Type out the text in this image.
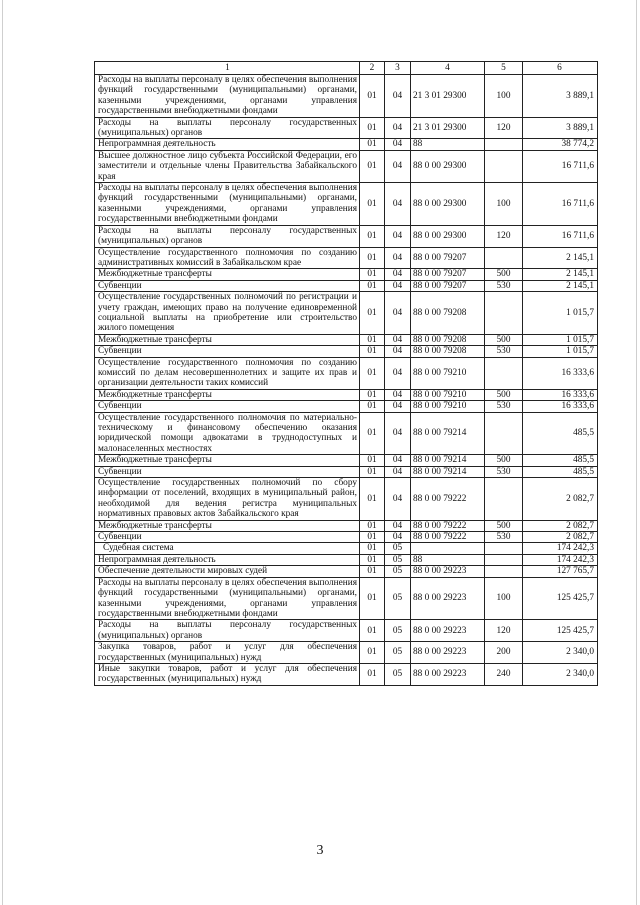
1	2	3	4	5	6
Расходы на выплаты персоналу в целях обеспечения выполнения функций государственными (муниципальными) органами, казенными учреждениями, органами управления государственными внебюджетными фондами	01	04	21 3 01 29300	100	3 889,1
Расходы на выплаты персоналу государственных (муниципальных) органов	01	04	21 3 01 29300	120	3 889,1
Непрограммная деятельность	01	04	88		38 774,2
Высшее должностное лицо субъекта Российской Федерации, его заместители и отдельные члены Правительства Забайкальского края	01	04	88 0 00 29300		16 711,6
Расходы на выплаты персоналу в целях обеспечения выполнения функций государственными (муниципальными) органами, казенными учреждениями, органами управления государственными внебюджетными фондами	01	04	88 0 00 29300	100	16 711,6
Расходы на выплаты персоналу государственных (муниципальных) органов	01	04	88 0 00 29300	120	16 711,6
Осуществление государственного полномочия по созданию административных комиссий в Забайкальском крае	01	04	88 0 00 79207		2 145,1
Межбюджетные трансферты	01	04	88 0 00 79207	500	2 145,1
Субвенции	01	04	88 0 00 79207	530	2 145,1
Осуществление государственных полномочий по регистрации и учету граждан, имеющих право на получение единовременной социальной выплаты на приобретение или строительство жилого помещения	01	04	88 0 00 79208		1 015,7
Межбюджетные трансферты	01	04	88 0 00 79208	500	1 015,7
Субвенции	01	04	88 0 00 79208	530	1 015,7
Осуществление государственного полномочия по созданию комиссий по делам несовершеннолетних и защите их прав и организации деятельности таких комиссий	01	04	88 0 00 79210		16 333,6
Межбюджетные трансферты	01	04	88 0 00 79210	500	16 333,6
Субвенции	01	04	88 0 00 79210	530	16 333,6
Осуществление государственного полномочия по материально-техническому и финансовому обеспечению оказания юридической помощи адвокатами в труднодоступных и малонаселенных местностях	01	04	88 0 00 79214		485,5
Межбюджетные трансферты	01	04	88 0 00 79214	500	485,5
Субвенции	01	04	88 0 00 79214	530	485,5
Осуществление государственных полномочий по сбору информации от поселений, входящих в муниципальный район, необходимой для ведения регистра муниципальных нормативных правовых актов Забайкальского края	01	04	88 0 00 79222		2 082,7
Межбюджетные трансферты	01	04	88 0 00 79222	500	2 082,7
Субвенции	01	04	88 0 00 79222	530	2 082,7
Судебная система	01	05			174 242,3
Непрограммная деятельность	01	05	88		174 242,3
Обеспечение деятельности мировых судей	01	05	88 0 00 29223		127 765,7
Расходы на выплаты персоналу в целях обеспечения выполнения функций государственными (муниципальными) органами, казенными учреждениями, органами управления государственными внебюджетными фондами	01	05	88 0 00 29223	100	125 425,7
Расходы на выплаты персоналу государственных (муниципальных) органов	01	05	88 0 00 29223	120	125 425,7
Закупка товаров, работ и услуг для обеспечения государственных (муниципальных) нужд	01	05	88 0 00 29223	200	2 340,0
Иные закупки товаров, работ и услуг для обеспечения государственных (муниципальных) нужд	01	05	88 0 00 29223	240	2 340,0
3
